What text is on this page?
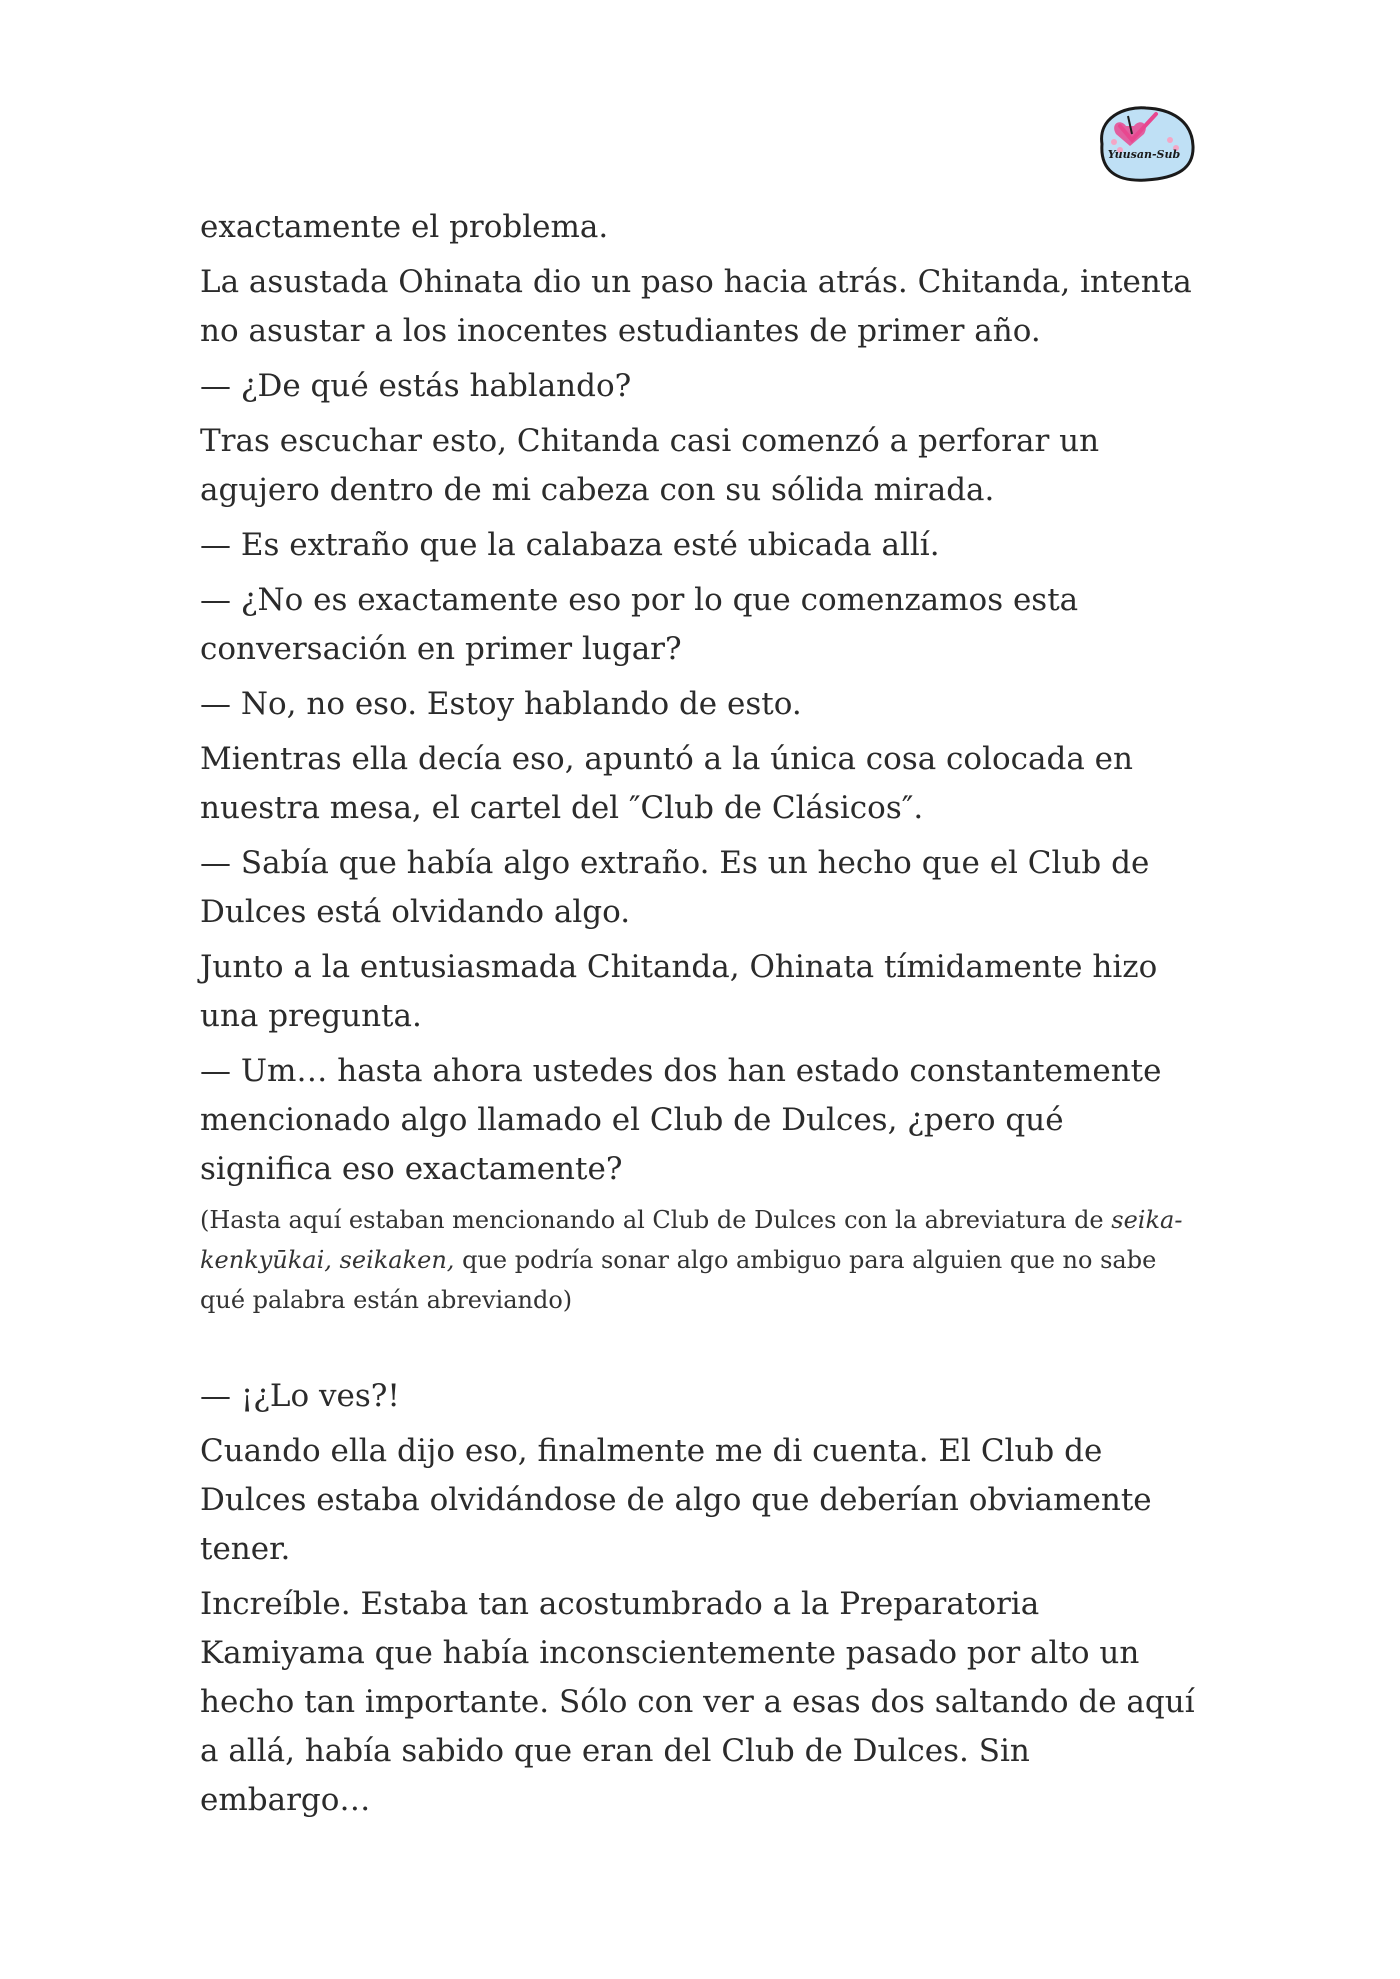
Yuusan-Sub

exactamente el problema.

La asustada Ohinata dio un paso hacia atrás. Chitanda, intenta no asustar a los inocentes estudiantes de primer año.

— ¿De qué estás hablando?

Tras escuchar esto, Chitanda casi comenzó a perforar un agujero dentro de mi cabeza con su sólida mirada.

— Es extraño que la calabaza esté ubicada allí.

— ¿No es exactamente eso por lo que comenzamos esta conversación en primer lugar?

— No, no eso. Estoy hablando de esto.

Mientras ella decía eso, apuntó a la única cosa colocada en nuestra mesa, el cartel del ″Club de Clásicos″.

— Sabía que había algo extraño. Es un hecho que el Club de Dulces está olvidando algo.

Junto a la entusiasmada Chitanda, Ohinata tímidamente hizo una pregunta.

— Um… hasta ahora ustedes dos han estado constantemente mencionado algo llamado el Club de Dulces, ¿pero qué significa eso exactamente?

(Hasta aquí estaban mencionando al Club de Dulces con la abreviatura de seika-kenkyūkai, seikaken, que podría sonar algo ambiguo para alguien que no sabe qué palabra están abreviando)

— ¡¿Lo ves?!

Cuando ella dijo eso, finalmente me di cuenta. El Club de Dulces estaba olvidándose de algo que deberían obviamente tener.

Increíble. Estaba tan acostumbrado a la Preparatoria Kamiyama que había inconscientemente pasado por alto un hecho tan importante. Sólo con ver a esas dos saltando de aquí a allá, había sabido que eran del Club de Dulces. Sin embargo…
